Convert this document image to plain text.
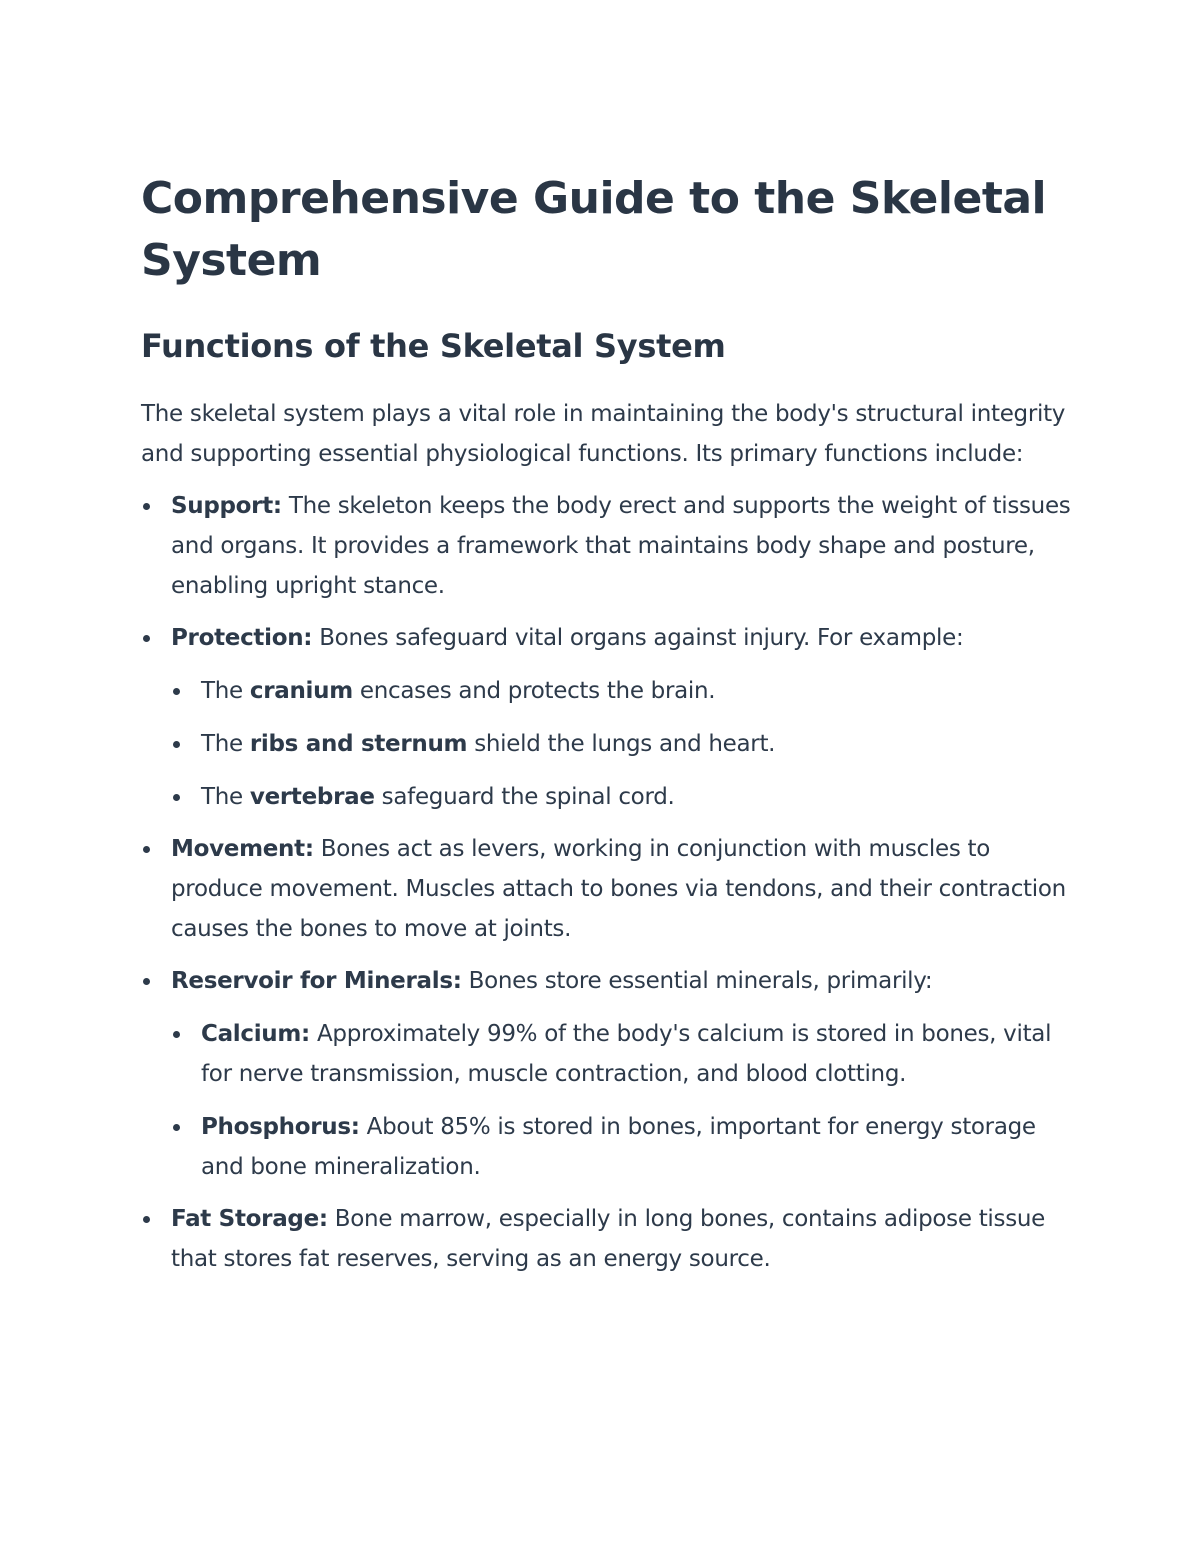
Comprehensive Guide to the Skeletal System
Functions of the Skeletal System

The skeletal system plays a vital role in maintaining the body's structural integrity and supporting essential physiological functions. Its primary functions include:

Support: The skeleton keeps the body erect and supports the weight of tissues and organs. It provides a framework that maintains body shape and posture, enabling upright stance.
Protection: Bones safeguard vital organs against injury. For example:
The cranium encases and protects the brain.
The ribs and sternum shield the lungs and heart.
The vertebrae safeguard the spinal cord.
Movement: Bones act as levers, working in conjunction with muscles to produce movement. Muscles attach to bones via tendons, and their contraction causes the bones to move at joints.
Reservoir for Minerals: Bones store essential minerals, primarily:
Calcium: Approximately 99% of the body's calcium is stored in bones, vital for nerve transmission, muscle contraction, and blood clotting.
Phosphorus: About 85% is stored in bones, important for energy storage and bone mineralization.
Fat Storage: Bone marrow, especially in long bones, contains adipose tissue that stores fat reserves, serving as an energy source.
